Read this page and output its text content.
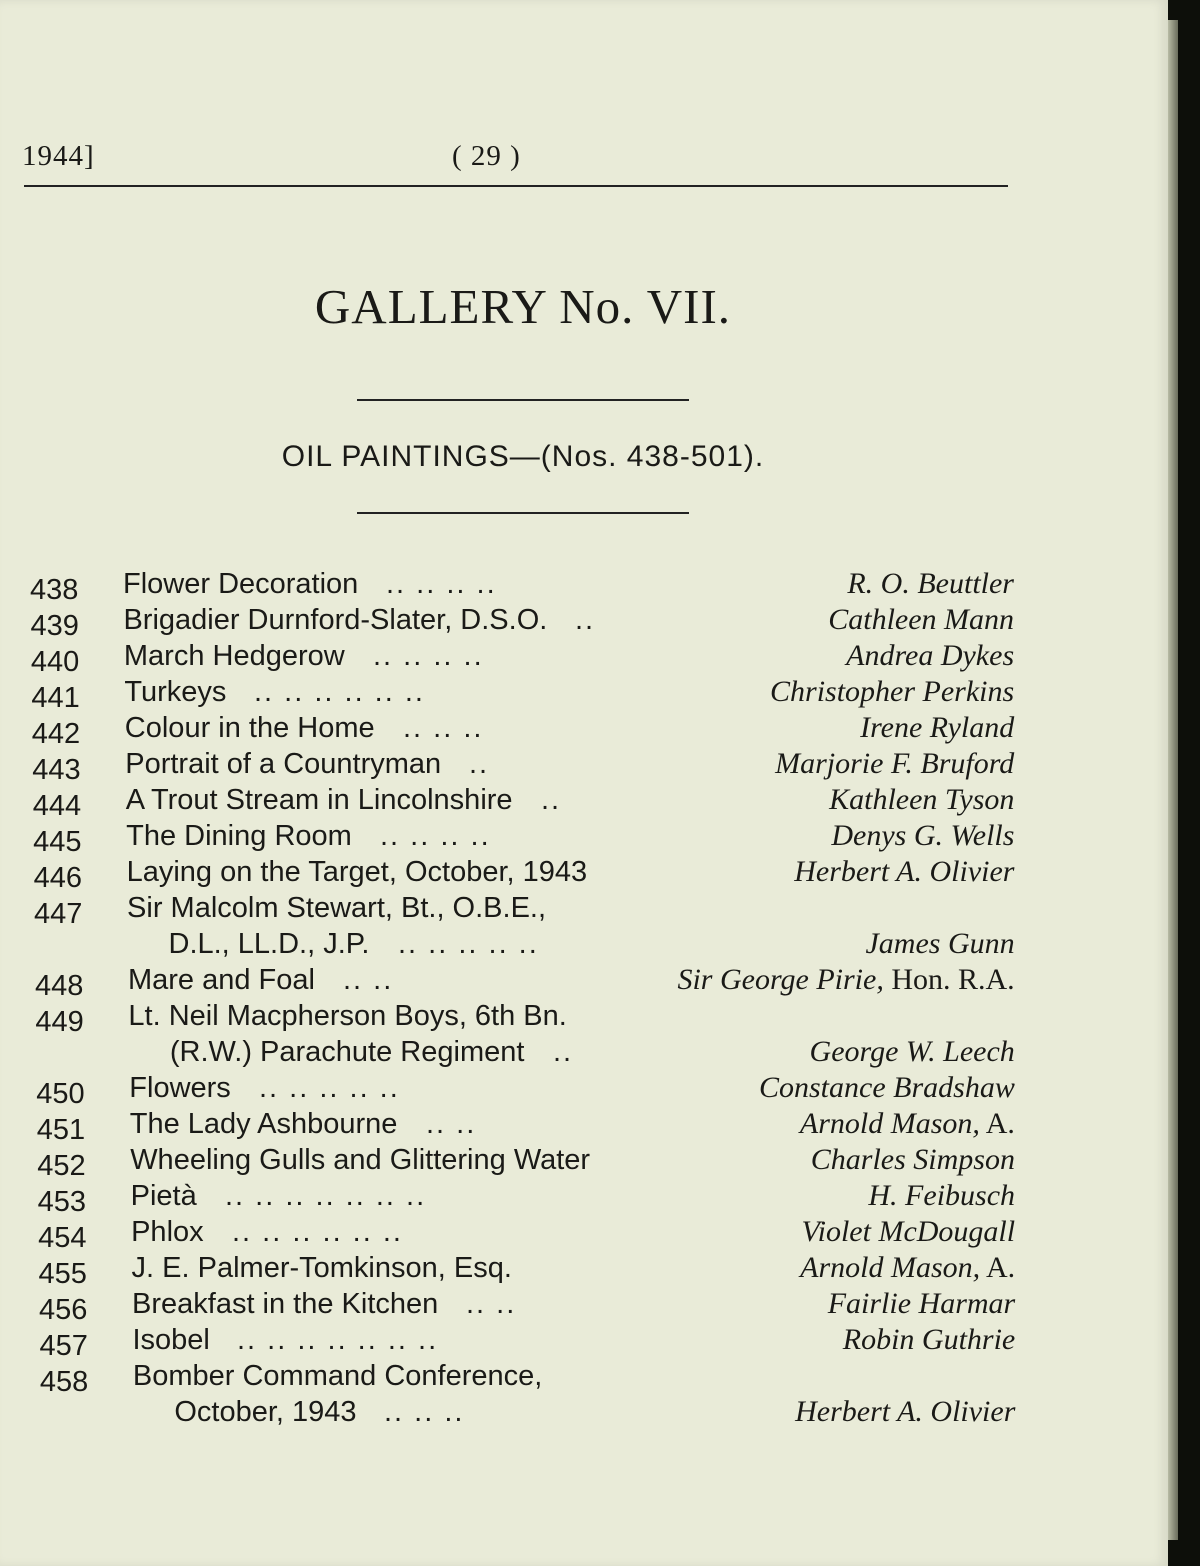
1944]	( 29 )
GALLERY No. VII.
OIL PAINTINGS—(Nos. 438-501).
438 Flower Decoration .. .. .. ..	R. O. Beuttler
439 Brigadier Durnford-Slater, D.S.O. ..	Cathleen Mann
440 March Hedgerow .. .. .. ..	Andrea Dykes
441 Turkeys .. .. .. .. .. ..	Christopher Perkins
442 Colour in the Home .. .. ..	Irene Ryland
443 Portrait of a Countryman ..	Marjorie F. Bruford
444 A Trout Stream in Lincolnshire ..	Kathleen Tyson
445 The Dining Room .. .. .. ..	Denys G. Wells
446 Laying on the Target, October, 1943	Herbert A. Olivier
447 Sir Malcolm Stewart, Bt., O.B.E.,
D.L., LL.D., J.P. .. .. .. .. ..	James Gunn
448 Mare and Foal .. ..	Sir George Pirie, Hon. R.A.
449 Lt. Neil Macpherson Boys, 6th Bn.
(R.W.) Parachute Regiment ..	George W. Leech
450 Flowers .. .. .. .. ..	Constance Bradshaw
451 The Lady Ashbourne .. ..	Arnold Mason, A.
452 Wheeling Gulls and Glittering Water	Charles Simpson
453 Pietà .. .. .. .. .. .. ..	H. Feibusch
454 Phlox .. .. .. .. .. ..	Violet McDougall
455 J. E. Palmer-Tomkinson, Esq.	Arnold Mason, A.
456 Breakfast in the Kitchen .. ..	Fairlie Harmar
457 Isobel .. .. .. .. .. .. ..	Robin Guthrie
458 Bomber Command Conference,
October, 1943 .. .. ..	Herbert A. Olivier
